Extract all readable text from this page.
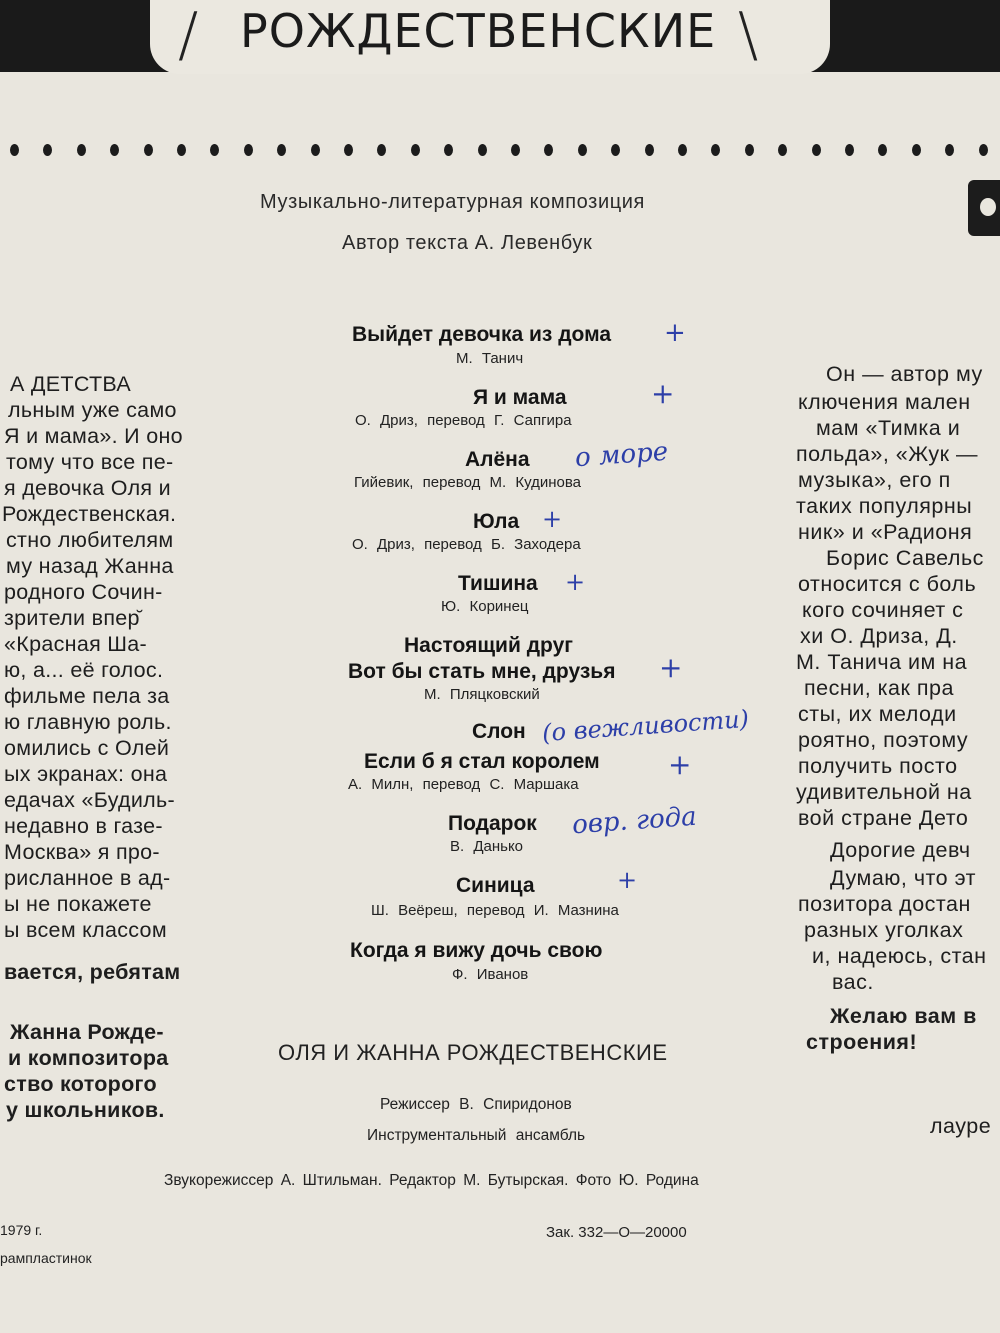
/	\
РОЖДЕСТВЕНСКИЕ
Музыкально-литературная композиция
Автор текста А. Левенбук
А ДЕТСТВА
льным уже само
Я и мама». И оно
тому что все пе-
я девочка Оля и
Рождественская.
стно любителям
му назад Жанна
родного Сочин-
зрители впер̆
«Красная Ша-
ю, а... её голос.
фильме пела за
ю главную роль.
омились с Олей
ых экранах: она
едачах «Будиль-
недавно в газе-
Москва» я про-
рисланное в ад-
ы не покажете
ы всем классом
вается, ребятам
Жанна Рожде-
и композитора
ство которого
у школьников.
Он — автор му
ключения мален
мам «Тимка и
польда», «Жук —
музыка», его п
таких популярны
ник» и «Радионя
Борис Савельс
относится с боль
кого сочиняет с
хи О. Дриза, Д.
М. Танича им на
песни, как пра
сты, их мелоди
роятно, поэтому
получить посто
удивительной на
вой стране Дето
Дорогие девч
Думаю, что эт
позитора достан
разных уголках
и, надеюсь, стан
вас.
Желаю вам в
строения!
лауре
Выйдет девочка из дома
М. Танич
+
Я и мама
О. Дриз, перевод Г. Сапгира
+
Алёна
Гийевик, перевод М. Кудинова
о море
Юла
О. Дриз, перевод Б. Заходера
+
Тишина
Ю. Коринец
+
Настоящий друг
Вот бы стать мне, друзья
М. Пляцковский
+
Слон (о вежливости)
Если б я стал королем
А. Милн, перевод С. Маршака
+
Подарок
В. Данько
овр. года
Синица
Ш. Веёреш, перевод И. Мазнина
+
Когда я вижу дочь свою
Ф. Иванов
ОЛЯ И ЖАННА РОЖДЕСТВЕНСКИЕ
Режиссер В. Спиридонов
Инструментальный ансамбль
Звукорежиссер А. Штильман. Редактор М. Бутырская. Фото Ю. Родина
1979 г.
рампластинок
Зак. 332—О—20000
